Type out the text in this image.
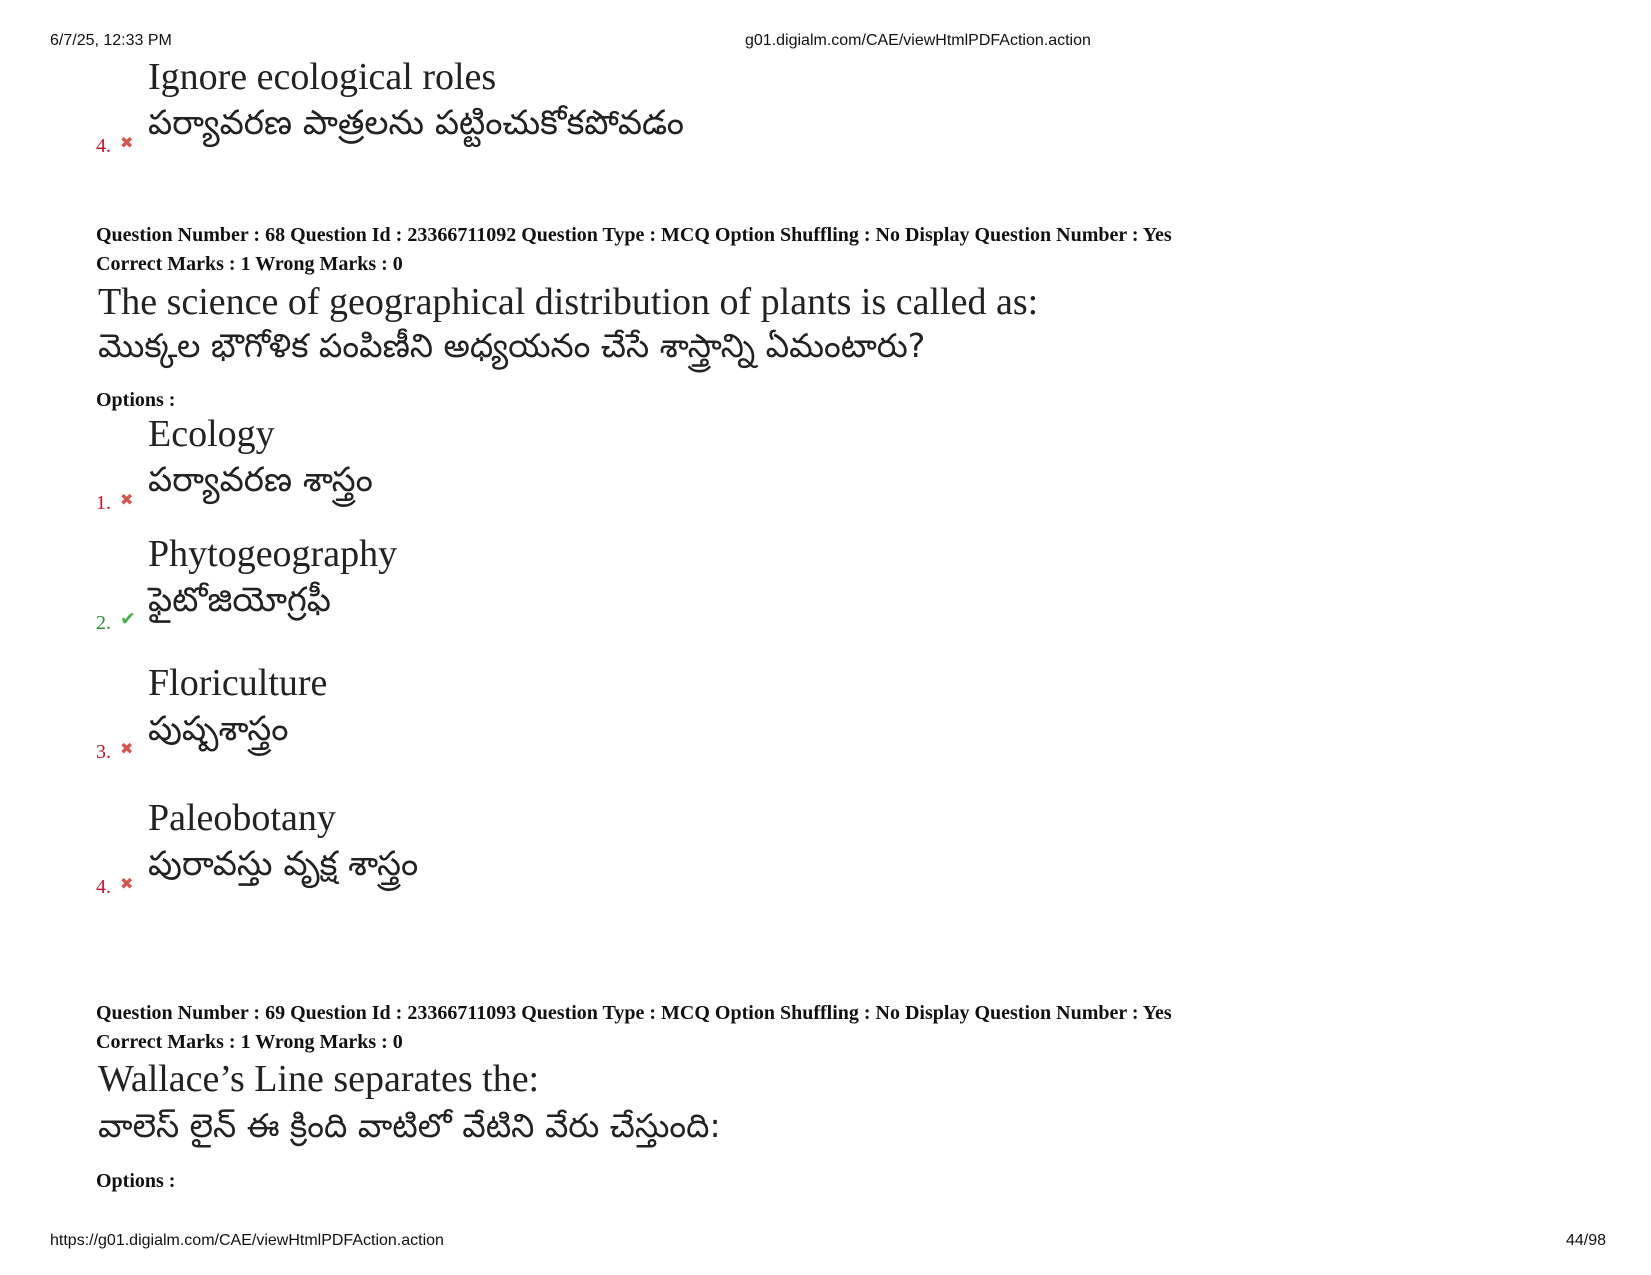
6/7/25, 12:33 PM	g01.digialm.com/CAE/viewHtmlPDFAction.action
Ignore ecological roles
పర్యావరణ పాత్రలను పట్టించుకోకపోవడం
4. ✖
Question Number : 68 Question Id : 23366711092 Question Type : MCQ Option Shuffling : No Display Question Number : Yes
Correct Marks : 1 Wrong Marks : 0
The science of geographical distribution of plants is called as:
మొక్కల భౌగోళిక పంపిణీని అధ్యయనం చేసే శాస్త్రాన్ని ఏమంటారు?
Options :
Ecology
పర్యావరణ శాస్త్రం
1. ✖
Phytogeography
ఫైటోజియోగ్రఫీ
2. ✔
Floriculture
పుష్పశాస్త్రం
3. ✖
Paleobotany
పురావస్తు వృక్ష శాస్త్రం
4. ✖
Question Number : 69 Question Id : 23366711093 Question Type : MCQ Option Shuffling : No Display Question Number : Yes
Correct Marks : 1 Wrong Marks : 0
Wallace’s Line separates the:
వాలెస్ లైన్ ఈ క్రింది వాటిలో వేటిని వేరు చేస్తుంది:
Options :
https://g01.digialm.com/CAE/viewHtmlPDFAction.action	44/98
